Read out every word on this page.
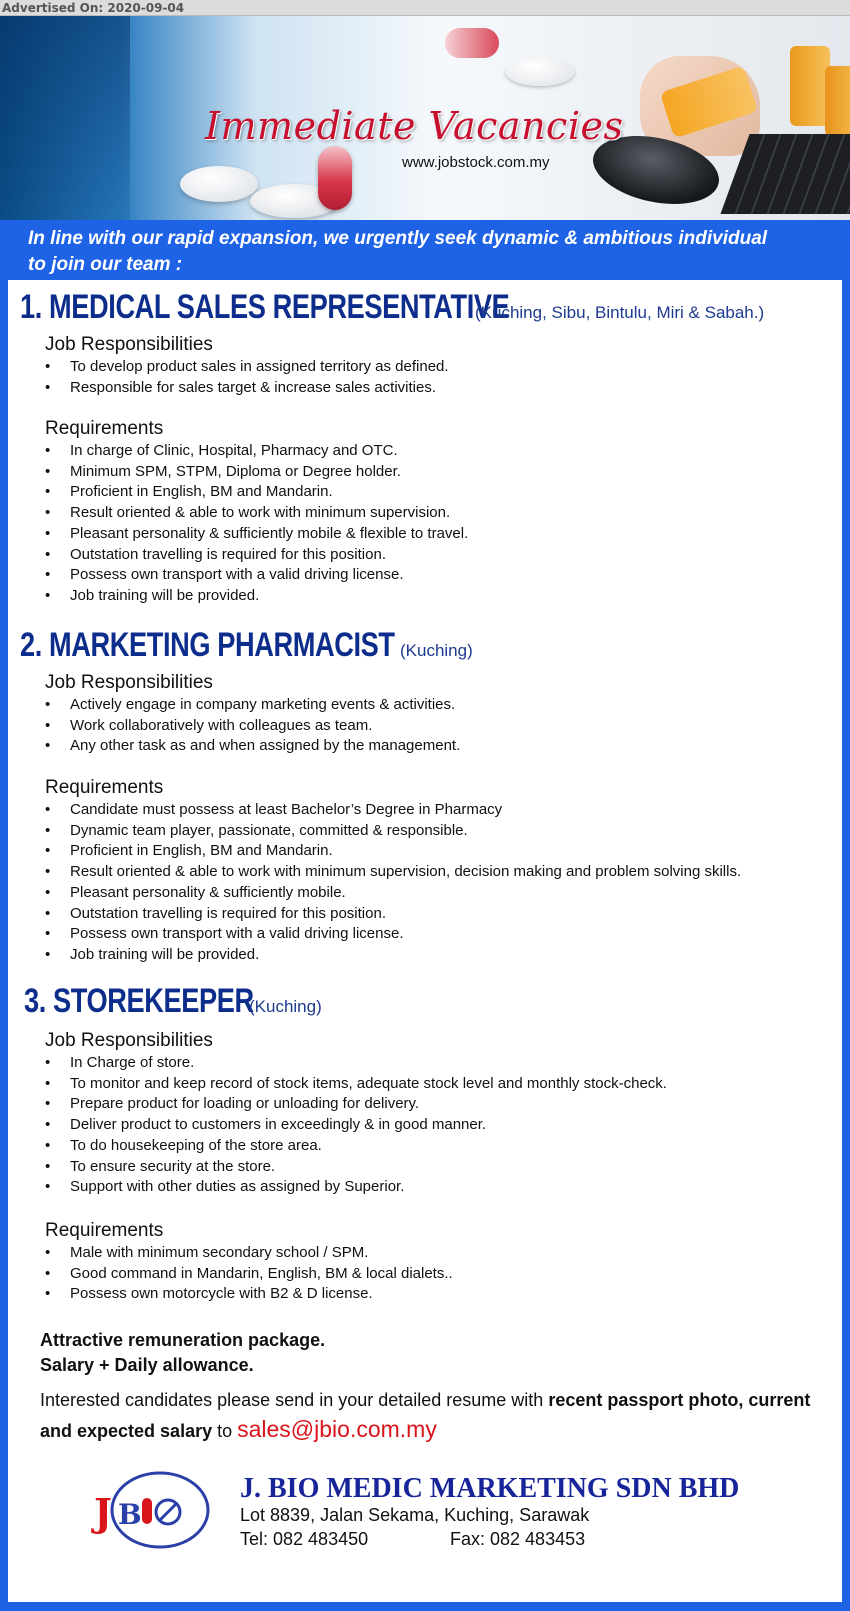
Advertised On: 2020-09-04
Immediate Vacancies
www.jobstock.com.my
In line with our rapid expansion, we urgently seek dynamic & ambitious individual
to join our team :
1. MEDICAL SALES REPRESENTATIVE
(Kuching, Sibu, Bintulu, Miri & Sabah.)
Job Responsibilities
• To develop product sales in assigned territory as defined.
• Responsible for sales target & increase sales activities.
Requirements
• In charge of Clinic, Hospital, Pharmacy and OTC.
• Minimum SPM, STPM, Diploma or Degree holder.
• Proficient in English, BM and Mandarin.
• Result oriented & able to work with minimum supervision.
• Pleasant personality & sufficiently mobile & flexible to travel.
• Outstation travelling is required for this position.
• Possess own transport with a valid driving license.
• Job training will be provided.
2. MARKETING PHARMACIST (Kuching)
Job Responsibilities
• Actively engage in company marketing events & activities.
• Work collaboratively with colleagues as team.
• Any other task as and when assigned by the management.
Requirements
• Candidate must possess at least Bachelor’s Degree in Pharmacy
• Dynamic team player, passionate, committed & responsible.
• Proficient in English, BM and Mandarin.
• Result oriented & able to work with minimum supervision, decision making and problem solving skills.
• Pleasant personality & sufficiently mobile.
• Outstation travelling is required for this position.
• Possess own transport with a valid driving license.
• Job training will be provided.
3. STOREKEEPER
(Kuching)
Job Responsibilities
• In Charge of store.
• To monitor and keep record of stock items, adequate stock level and monthly stock-check.
• Prepare product for loading or unloading for delivery.
• Deliver product to customers in exceedingly & in good manner.
• To do housekeeping of the store area.
• To ensure security at the store.
• Support with other duties as assigned by Superior.
Requirements
• Male with minimum secondary school / SPM.
• Good command in Mandarin, English, BM & local dialets..
• Possess own motorcycle with B2 & D license.
Attractive remuneration package.
Salary + Daily allowance.
Interested candidates please send in your detailed resume with recent passport photo, current and expected salary to sales@jbio.com.my
J B
J. BIO MEDIC MARKETING SDN BHD
Lot 8839, Jalan Sekama, Kuching, Sarawak
Tel: 082 483450	Fax: 082 483453
